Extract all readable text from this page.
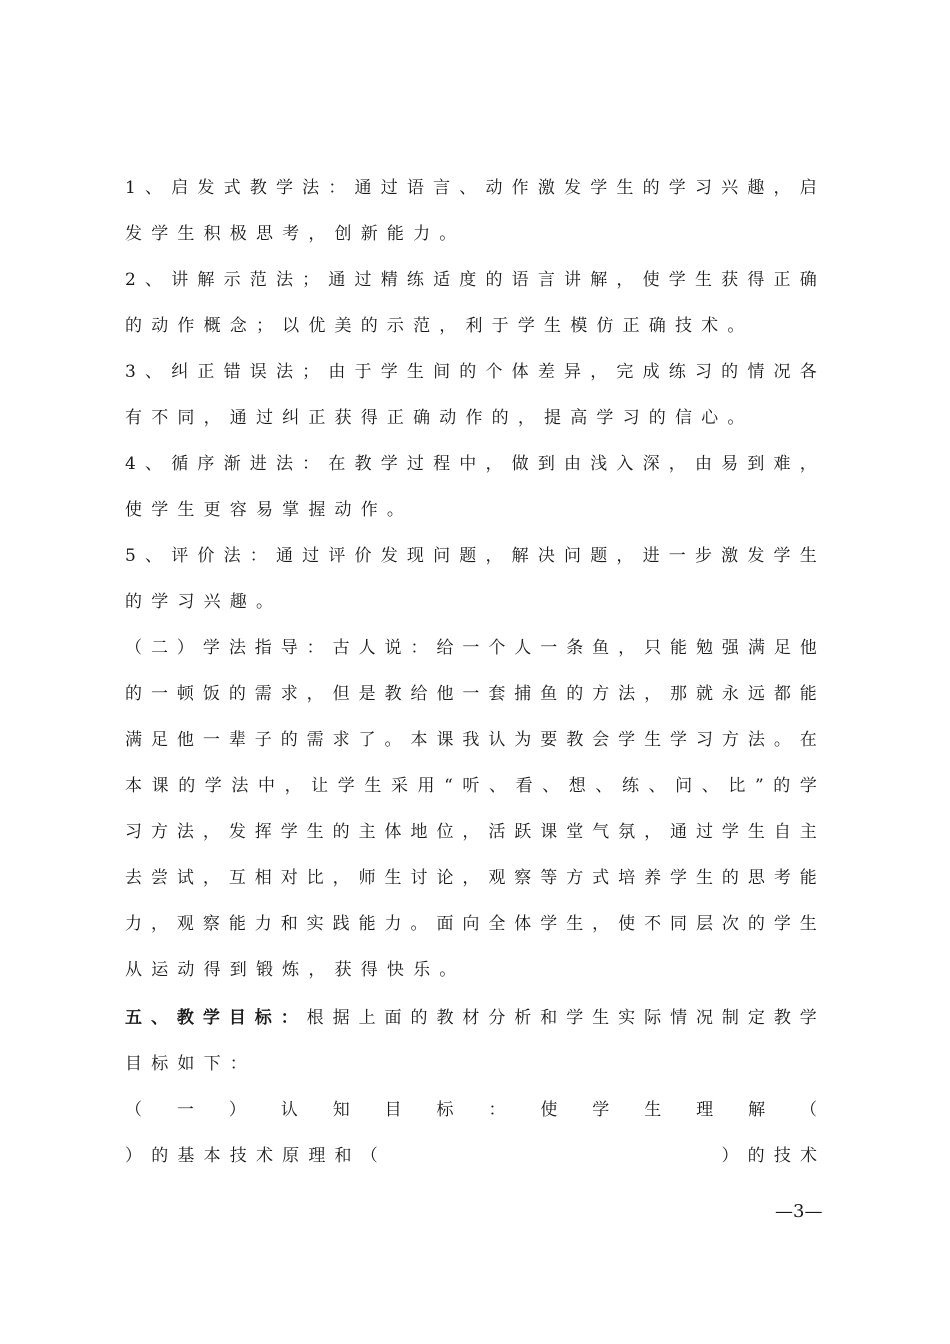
1 、 启 发 式 教 学 法 ： 通 过 语 言 、 动 作 激 发 学 生 的 学 习 兴 趣 ， 启
发 学 生 积 极 思 考 ， 创 新 能 力 。
2 、 讲 解 示 范 法 ； 通 过 精 练 适 度 的 语 言 讲 解 ， 使 学 生 获 得 正 确
的 动 作 概 念 ； 以 优 美 的 示 范 ， 利 于 学 生 模 仿 正 确 技 术 。
3 、 纠 正 错 误 法 ； 由 于 学 生 间 的 个 体 差 异 ， 完 成 练 习 的 情 况 各
有 不 同 ， 通 过 纠 正 获 得 正 确 动 作 的 ， 提 高 学 习 的 信 心 。
4 、 循 序 渐 进 法 ： 在 教 学 过 程 中 ， 做 到 由 浅 入 深 ， 由 易 到 难 ，
使 学 生 更 容 易 掌 握 动 作 。
5 、 评 价 法 ： 通 过 评 价 发 现 问 题 ， 解 决 问 题 ， 进 一 步 激 发 学 生
的 学 习 兴 趣 。
（ 二 ） 学 法 指 导 ： 古 人 说 ： 给 一 个 人 一 条 鱼 ， 只 能 勉 强 满 足 他
的 一 顿 饭 的 需 求 ， 但 是 教 给 他 一 套 捕 鱼 的 方 法 ， 那 就 永 远 都 能
满 足 他 一 辈 子 的 需 求 了 。 本 课 我 认 为 要 教 会 学 生 学 习 方 法 。 在
本 课 的 学 法 中 ， 让 学 生 采 用 “ 听 、 看 、 想 、 练 、 问 、 比 ” 的 学
习 方 法 ， 发 挥 学 生 的 主 体 地 位 ， 活 跃 课 堂 气 氛 ， 通 过 学 生 自 主
去 尝 试 ， 互 相 对 比 ， 师 生 讨 论 ， 观 察 等 方 式 培 养 学 生 的 思 考 能
力 ， 观 察 能 力 和 实 践 能 力 。 面 向 全 体 学 生 ， 使 不 同 层 次 的 学 生
从 运 动 得 到 锻 炼 ， 获 得 快 乐 。
五 、 教 学 目 标 ： 根 据 上 面 的 教 材 分 析 和 学 生 实 际 情 况 制 定 教 学
目 标 如 下 ：
（ 一 ） 认 知 目 标 ： 使 学 生 理 解 （
） 的 基 本 技 术 原 理 和 （	） 的 技 术
—3—
